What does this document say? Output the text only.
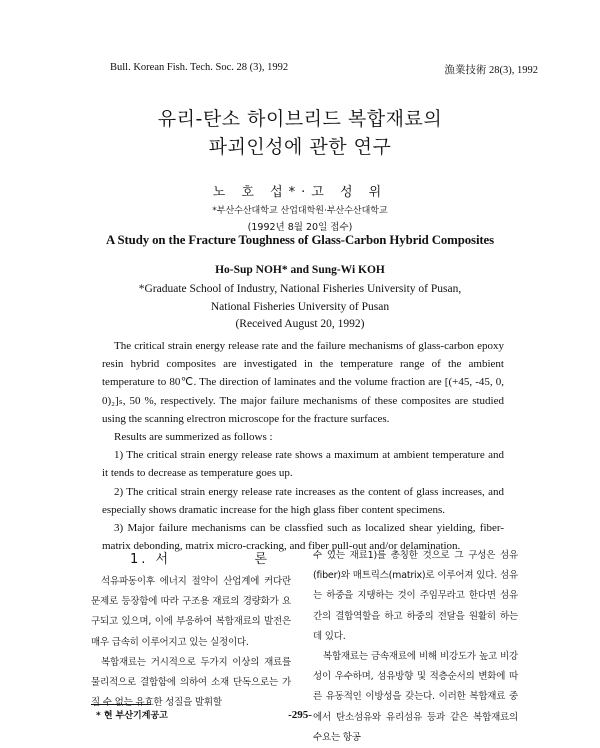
Bull. Korean Fish. Tech. Soc. 28 (3), 1992	漁業技術 28(3), 1992
유리-탄소 하이브리드 복합재료의
파괴인성에 관한 연구
노 호 섭*·고 성 위
*부산수산대학교 산업대학원·부산수산대학교
(1992년 8월 20일 접수)
A Study on the Fracture Toughness of Glass-Carbon Hybrid Composites
Ho-Sup NOH* and Sung-Wi KOH
*Graduate School of Industry, National Fisheries University of Pusan,
National Fisheries University of Pusan
(Received August 20, 1992)

The critical strain energy release rate and the failure mechanisms of glass-carbon epoxy resin hybrid composites are investigated in the temperature range of the ambient temperature to 80℃. The direction of laminates and the volume fraction are [(+45, -45, 0, 0)₂]ₛ, 50 %, respectively. The major failure mechanisms of these composites are studied using the scanning elrectron microscope for the fracture surfaces.

Results are summerized as follows :

1) The critical strain energy release rate shows a maximum at ambient temperature and it tends to decrease as temperature goes up.

2) The critical strain energy release rate increases as the content of glass increases, and especially shows dramatic increase for the high glass fiber content specimens.

3) Major failure mechanisms can be classfied such as localized shear yielding, fiber-matrix debonding, matrix micro-cracking, and fiber pull-out and/or delamination.

1. 서	론

석유파동이후 에너지 절약이 산업계에 커다란 문제로 등장함에 따라 구조용 재료의 경량화가 요구되고 있으며, 이에 부응하여 복합재료의 발전은 매우 급속히 이루어지고 있는 실정이다.

복합재료는 거시적으로 두가지 이상의 재료를 물리적으로 결합함에 의하여 소재 단독으로는 가질 수 없는 유효한 성질을 발휘할

수 있는 재료1)를 총칭한 것으로 그 구성은 섬유(fiber)와 매트릭스(matrix)로 이루어져 있다. 섬유는 하중을 지탱하는 것이 주임무라고 한다면 섬유간의 결합역할을 하고 하중의 전달을 원활히 하는데 있다.

복합재료는 금속재료에 비해 비강도가 높고 비강성이 우수하며, 섬유방향 및 적층순서의 변화에 따른 유동적인 이방성을 갖는다. 이러한 복합재료 중에서 탄소섬유와 유리섬유 등과 같은 복합재료의 수요는 항공

* 현 부산기계공고	-295-
